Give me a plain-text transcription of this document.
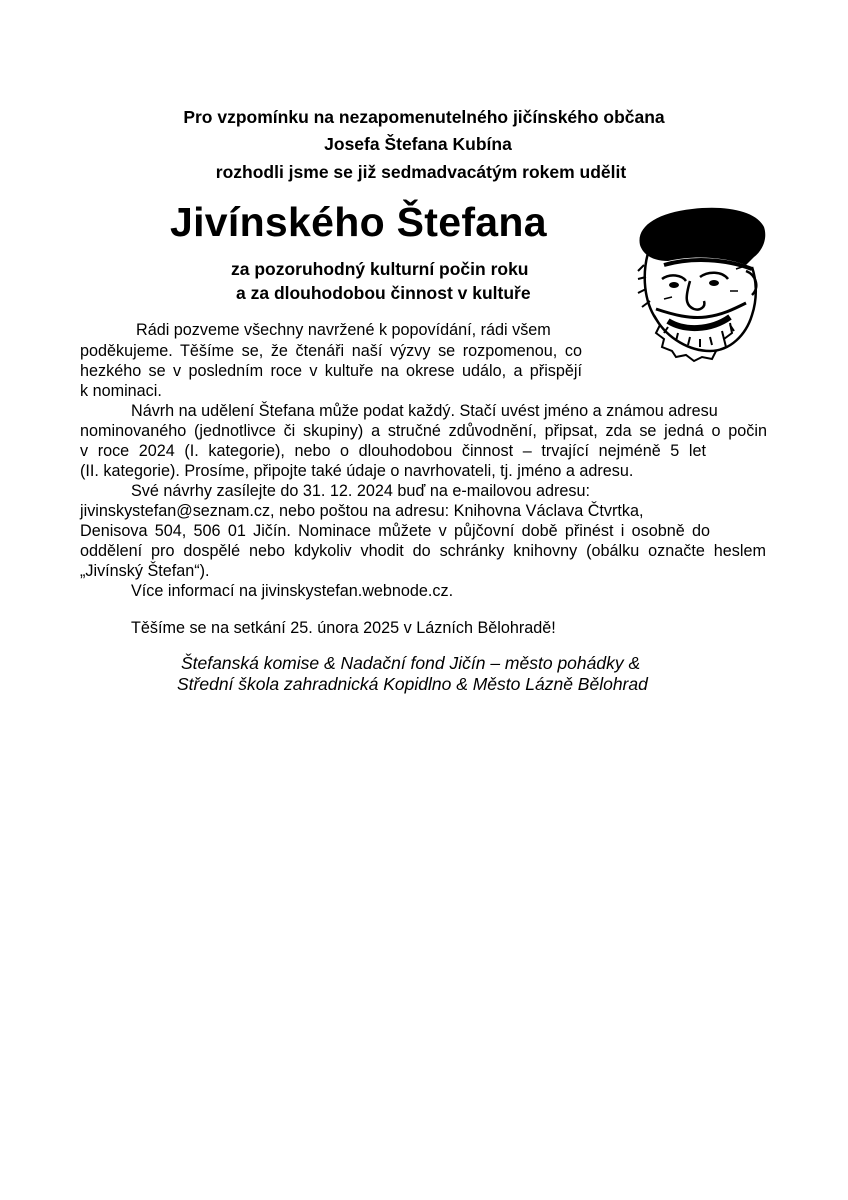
Pro vzpomínku na nezapomenutelného jičínského občana
Josefa Štefana Kubína
rozhodli jsme se již sedmadvacátým rokem udělit
Jivínského Štefana
za pozoruhodný kulturní počin roku
a za dlouhodobou činnost v kultuře
Rádi pozveme všechny navržené k popovídání, rádi všem
poděkujeme. Těšíme se, že čtenáři naší výzvy se rozpomenou, co
hezkého se v posledním roce v kultuře na okrese událo, a přispějí
k nominaci.
Návrh na udělení Štefana může podat každý. Stačí uvést jméno a známou adresu
nominovaného (jednotlivce či skupiny) a stručné zdůvodnění, připsat, zda se jedná o počin
v roce 2024 (I. kategorie), nebo o dlouhodobou činnost – trvající nejméně 5 let
(II. kategorie). Prosíme, připojte také údaje o navrhovateli, tj. jméno a adresu.
Své návrhy zasílejte do 31. 12. 2024 buď na e-mailovou adresu:
jivinskystefan@seznam.cz, nebo poštou na adresu: Knihovna Václava Čtvrtka,
Denisova 504, 506 01 Jičín. Nominace můžete v půjčovní době přinést i osobně do
oddělení pro dospělé nebo kdykoliv vhodit do schránky knihovny (obálku označte heslem
„Jivínský Štefan“).
Více informací na jivinskystefan.webnode.cz.
Těšíme se na setkání 25. února 2025 v Lázních Bělohradě!
Štefanská komise & Nadační fond Jičín – město pohádky &
Střední škola zahradnická Kopidlno & Město Lázně Bělohrad
